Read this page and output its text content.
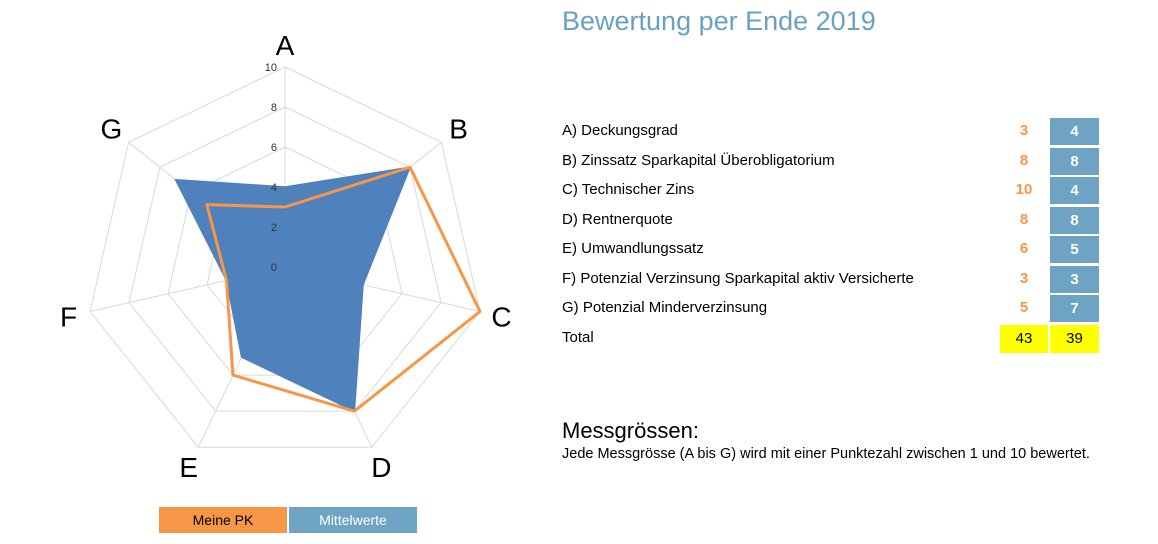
0
2
4
6
8
10
A
B
C
D
E
F
G
Meine PK	Mittelwerte
Bewertung per Ende 2019
A) Deckungsgrad	3	4
B) Zinssatz Sparkapital Überobligatorium	8	8
C) Technischer Zins	10	4
D) Rentnerquote	8	8
E) Umwandlungssatz	6	5
F) Potenzial Verzinsung Sparkapital aktiv Versicherte	3	3
G) Potenzial Minderverzinsung	5	7
Total	43	39
Messgrössen:
Jede Messgrösse (A bis G) wird mit einer Punktezahl zwischen 1 und 10 bewertet.
